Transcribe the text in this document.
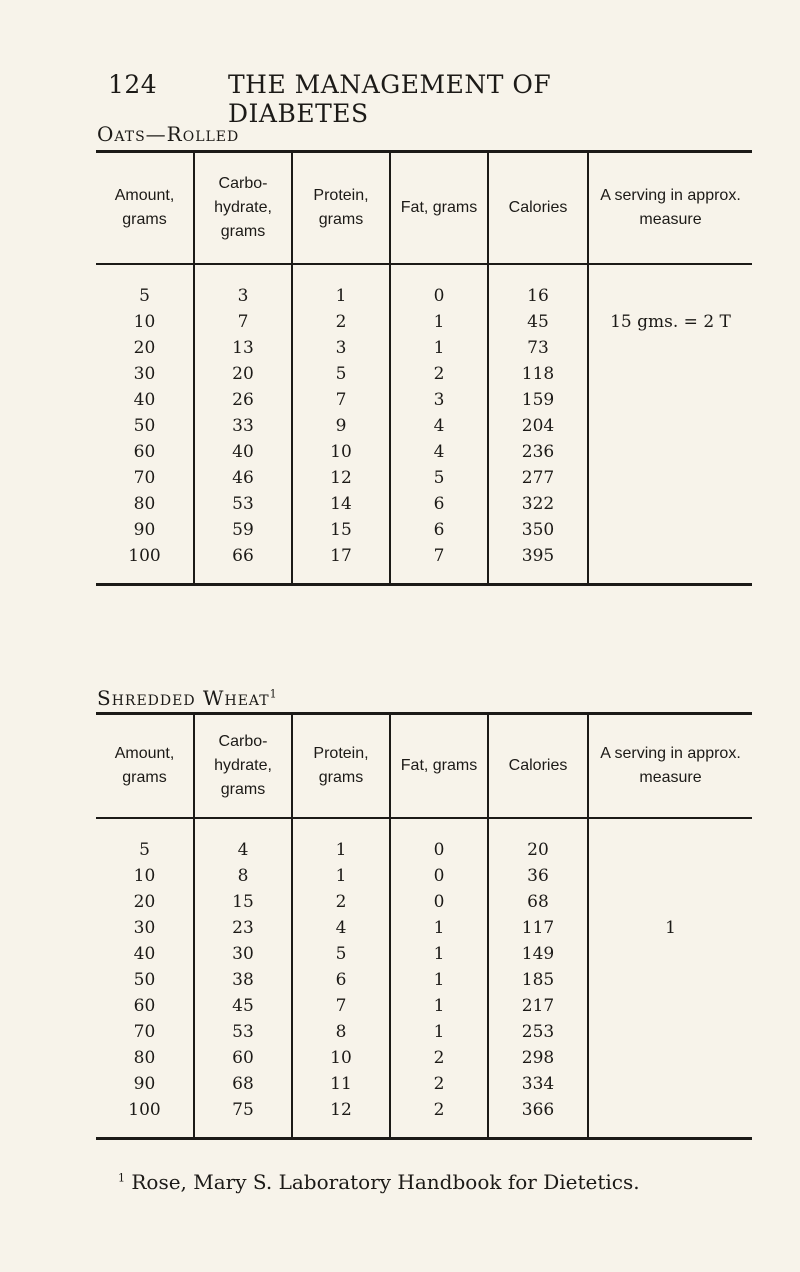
124	THE MANAGEMENT OF DIABETES
Oats—Rolled
Amount, grams	Carbo- hydrate, grams	Protein, grams	Fat, grams	Calories	A serving in approx. measure
5	3	1	0	16	
10	7	2	1	45	15 gms. = 2 T
20	13	3	1	73	
30	20	5	2	118	
40	26	7	3	159	
50	33	9	4	204	
60	40	10	4	236	
70	46	12	5	277	
80	53	14	6	322	
90	59	15	6	350	
100	66	17	7	395	
Shredded Wheat$^1$
Amount, grams	Carbo- hydrate, grams	Protein, grams	Fat, grams	Calories	A serving in approx. measure
5	4	1	0	20	
10	8	1	0	36	
20	15	2	0	68	
30	23	4	1	117	1
40	30	5	1	149	
50	38	6	1	185	
60	45	7	1	217	
70	53	8	1	253	
80	60	10	2	298	
90	68	11	2	334	
100	75	12	2	366	
$^1$ Rose, Mary S. Laboratory Handbook for Dietetics.
